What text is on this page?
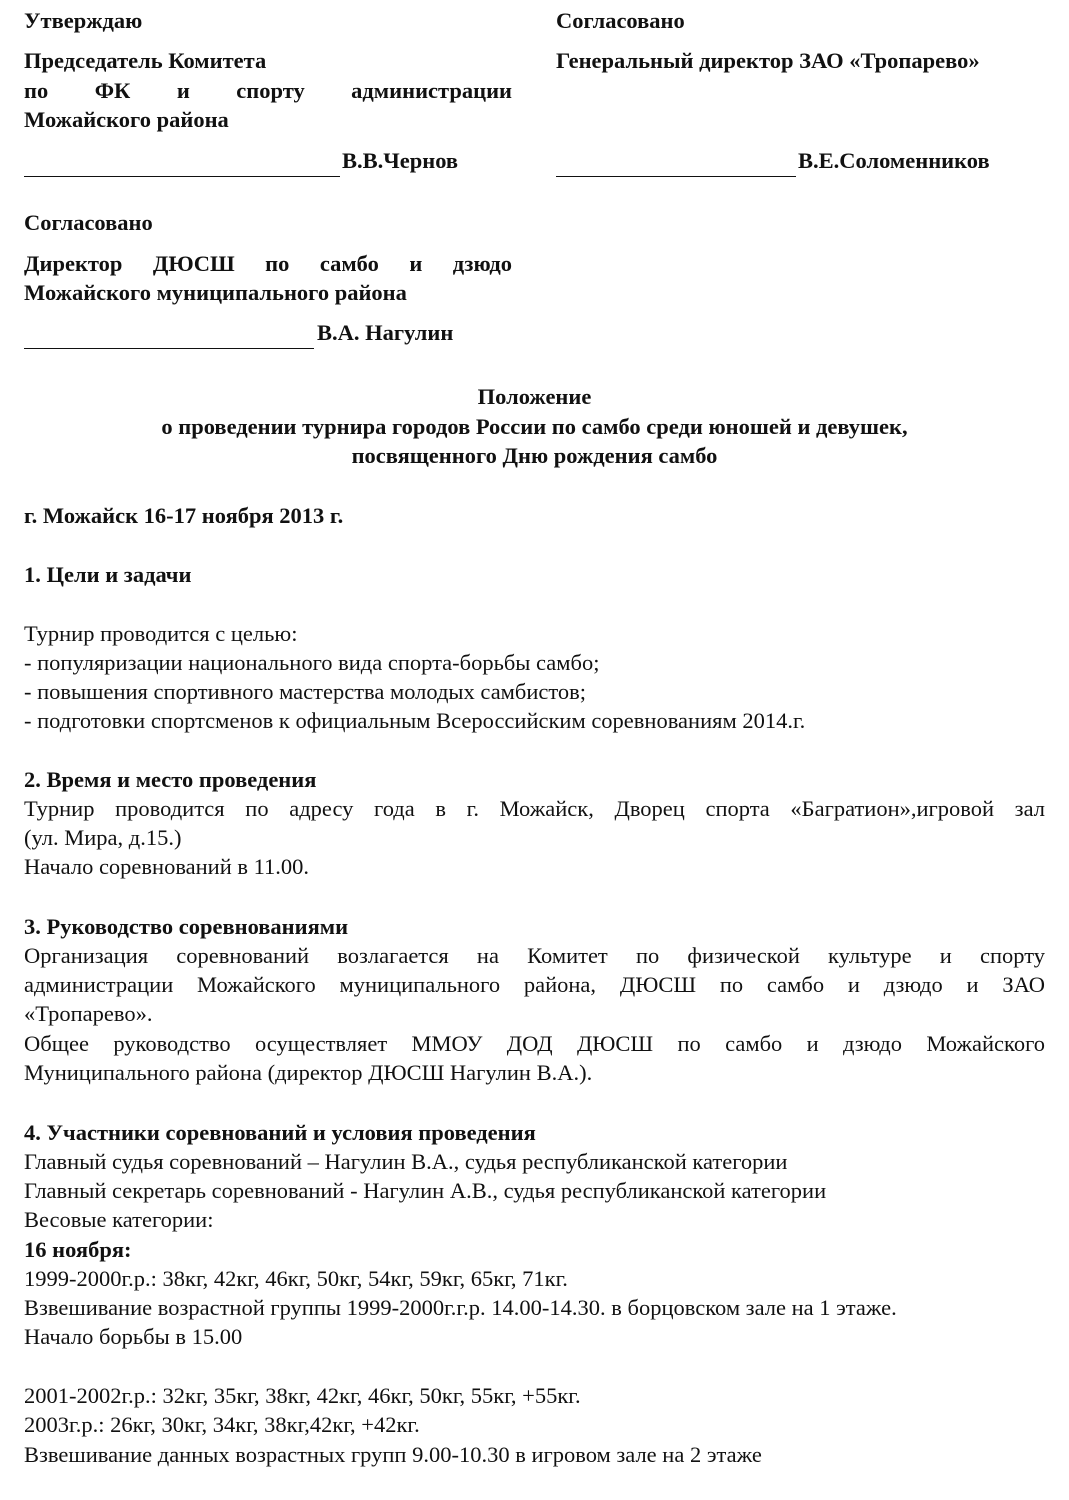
Утверждаю
Председатель Комитета
по ФК и спорту администрации
Можайского района
В.В.Чернов
Согласовано
Генеральный директор ЗАО «Тропарево»
В.Е.Соломенников
Согласовано
Директор ДЮСШ по самбо и дзюдо
Можайского муниципального района
В.А. Нагулин
Положение
о проведении турнира городов России по самбо среди юношей и девушек,
посвященного Дню рождения самбо
г. Можайск 16-17 ноября 2013 г.
1. Цели и задачи
Турнир проводится с целью:
- популяризации национального вида спорта-борьбы самбо;
- повышения спортивного мастерства молодых самбистов;
- подготовки спортсменов к официальным Всероссийским соревнованиям 2014.г.
2. Время и место проведения
Турнир проводится по адресу года в г. Можайск, Дворец спорта «Багратион»,игровой зал
(ул. Мира, д.15.)
Начало соревнований в 11.00.
3. Руководство соревнованиями
Организация соревнований возлагается на Комитет по физической культуре и спорту
администрации Можайского муниципального района, ДЮСШ по самбо и дзюдо и ЗАО
«Тропарево».
Общее руководство осуществляет ММОУ ДОД ДЮСШ по самбо и дзюдо Можайского
Муниципального района (директор ДЮСШ Нагулин В.А.).
4. Участники соревнований и условия проведения
Главный судья соревнований – Нагулин В.А., судья республиканской категории
Главный секретарь соревнований - Нагулин А.В., судья республиканской категории
Весовые категории:
16 ноября:
1999-2000г.р.: 38кг, 42кг, 46кг, 50кг, 54кг, 59кг, 65кг, 71кг.
Взвешивание возрастной группы 1999-2000г.г.р. 14.00-14.30. в борцовском зале на 1 этаже.
Начало борьбы в 15.00
2001-2002г.р.: 32кг, 35кг, 38кг, 42кг, 46кг, 50кг, 55кг, +55кг.
2003г.р.: 26кг, 30кг, 34кг, 38кг,42кг, +42кг.
Взвешивание данных возрастных групп 9.00-10.30 в игровом зале на 2 этаже
